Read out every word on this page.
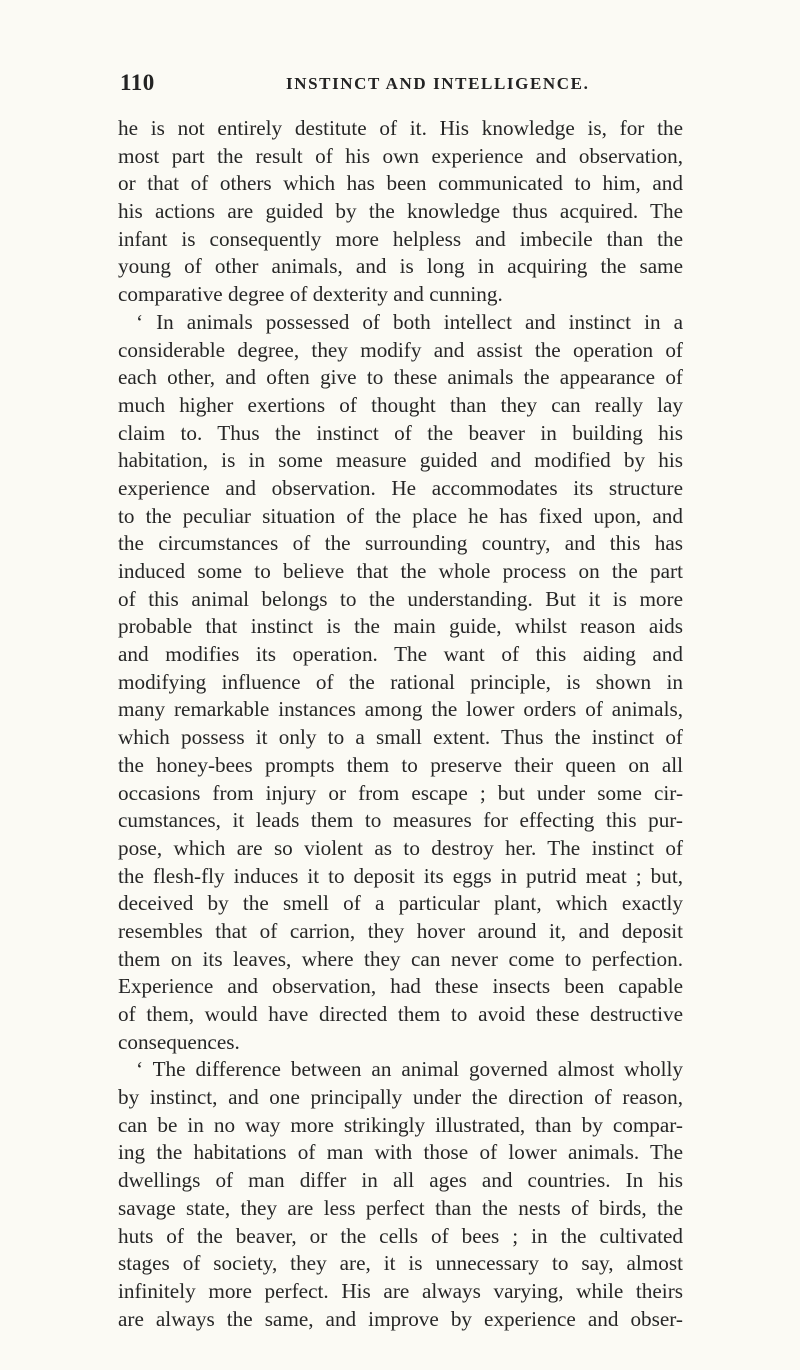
110	INSTINCT AND INTELLIGENCE.
he is not entirely destitute of it. His knowledge is, for the
most part the result of his own experience and observation,
or that of others which has been communicated to him, and
his actions are guided by the knowledge thus acquired. The
infant is consequently more helpless and imbecile than the
young of other animals, and is long in acquiring the same
comparative degree of dexterity and cunning.
‘ In animals possessed of both intellect and instinct in a
considerable degree, they modify and assist the operation of
each other, and often give to these animals the appearance of
much higher exertions of thought than they can really lay
claim to. Thus the instinct of the beaver in building his
habitation, is in some measure guided and modified by his
experience and observation. He accommodates its structure
to the peculiar situation of the place he has fixed upon, and
the circumstances of the surrounding country, and this has
induced some to believe that the whole process on the part
of this animal belongs to the understanding. But it is more
probable that instinct is the main guide, whilst reason aids
and modifies its operation. The want of this aiding and
modifying influence of the rational principle, is shown in
many remarkable instances among the lower orders of animals,
which possess it only to a small extent. Thus the instinct of
the honey-bees prompts them to preserve their queen on all
occasions from injury or from escape ; but under some cir-
cumstances, it leads them to measures for effecting this pur-
pose, which are so violent as to destroy her. The instinct of
the flesh-fly induces it to deposit its eggs in putrid meat ; but,
deceived by the smell of a particular plant, which exactly
resembles that of carrion, they hover around it, and deposit
them on its leaves, where they can never come to perfection.
Experience and observation, had these insects been capable
of them, would have directed them to avoid these destructive
consequences.
‘ The difference between an animal governed almost wholly
by instinct, and one principally under the direction of reason,
can be in no way more strikingly illustrated, than by compar-
ing the habitations of man with those of lower animals. The
dwellings of man differ in all ages and countries. In his
savage state, they are less perfect than the nests of birds, the
huts of the beaver, or the cells of bees ; in the cultivated
stages of society, they are, it is unnecessary to say, almost
infinitely more perfect. His are always varying, while theirs
are always the same, and improve by experience and obser-
